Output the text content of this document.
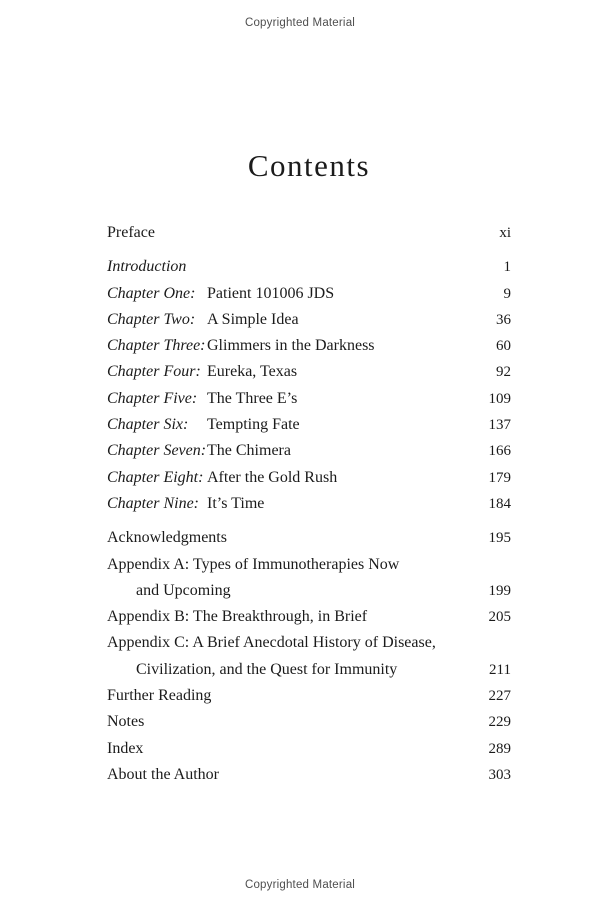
Copyrighted Material
Contents
Preface	xi
Introduction	1
Chapter One: Patient 101006 JDS	9
Chapter Two: A Simple Idea	36
Chapter Three: Glimmers in the Darkness	60
Chapter Four: Eureka, Texas	92
Chapter Five: The Three E’s	109
Chapter Six:	Tempting Fate	137
Chapter Seven: The Chimera	166
Chapter Eight: After the Gold Rush	179
Chapter Nine: It’s Time	184
Acknowledgments	195
Appendix A: Types of Immunotherapies Now
and Upcoming	199
Appendix B: The Breakthrough, in Brief	205
Appendix C: A Brief Anecdotal History of Disease,
Civilization, and the Quest for Immunity	211
Further Reading	227
Notes	229
Index	289
About the Author	303
Copyrighted Material
